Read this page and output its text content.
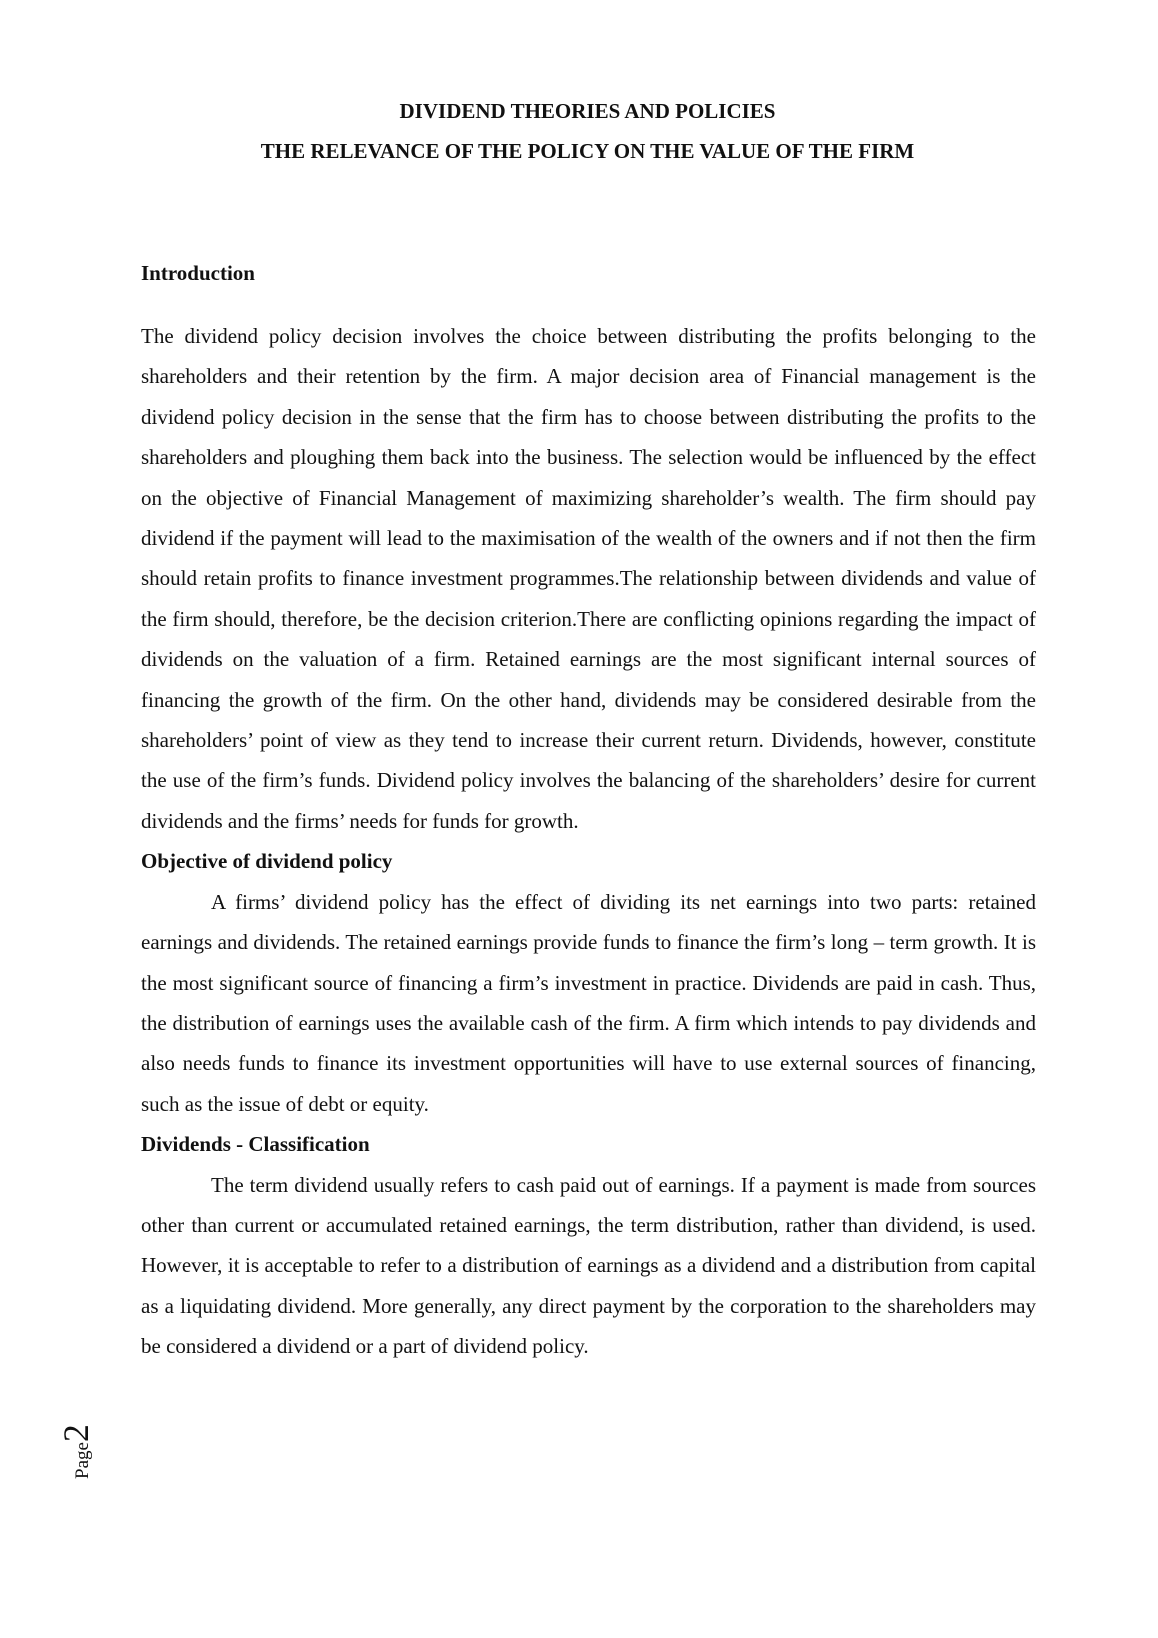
DIVIDEND THEORIES AND POLICIES
THE RELEVANCE OF THE POLICY ON THE VALUE OF THE FIRM
Introduction

The dividend policy decision involves the choice between distributing the profits belonging to the shareholders and their retention by the firm. A major decision area of Financial management is the dividend policy decision in the sense that the firm has to choose between distributing the profits to the shareholders and ploughing them back into the business. The selection would be influenced by the effect on the objective of Financial Management of maximizing shareholder’s wealth. The firm should pay dividend if the payment will lead to the maximisation of the wealth of the owners and if not then the firm should retain profits to finance investment programmes.The relationship between dividends and value of the firm should, therefore, be the decision criterion.There are conflicting opinions regarding the impact of dividends on the valuation of a firm. Retained earnings are the most significant internal sources of financing the growth of the firm. On the other hand, dividends may be considered desirable from the shareholders’ point of view as they tend to increase their current return. Dividends, however, constitute the use of the firm’s funds. Dividend policy involves the balancing of the shareholders’ desire for current dividends and the firms’ needs for funds for growth.

Objective of dividend policy

A firms’ dividend policy has the effect of dividing its net earnings into two parts: retained earnings and dividends. The retained earnings provide funds to finance the firm’s long – term growth. It is the most significant source of financing a firm’s investment in practice. Dividends are paid in cash. Thus, the distribution of earnings uses the available cash of the firm. A firm which intends to pay dividends and also needs funds to finance its investment opportunities will have to use external sources of financing, such as the issue of debt or equity.

Dividends - Classification

The term dividend usually refers to cash paid out of earnings. If a payment is made from sources other than current or accumulated retained earnings, the term distribution, rather than dividend, is used. However, it is acceptable to refer to a distribution of earnings as a dividend and a distribution from capital as a liquidating dividend. More generally, any direct payment by the corporation to the shareholders may be considered a dividend or a part of dividend policy.

Page2
